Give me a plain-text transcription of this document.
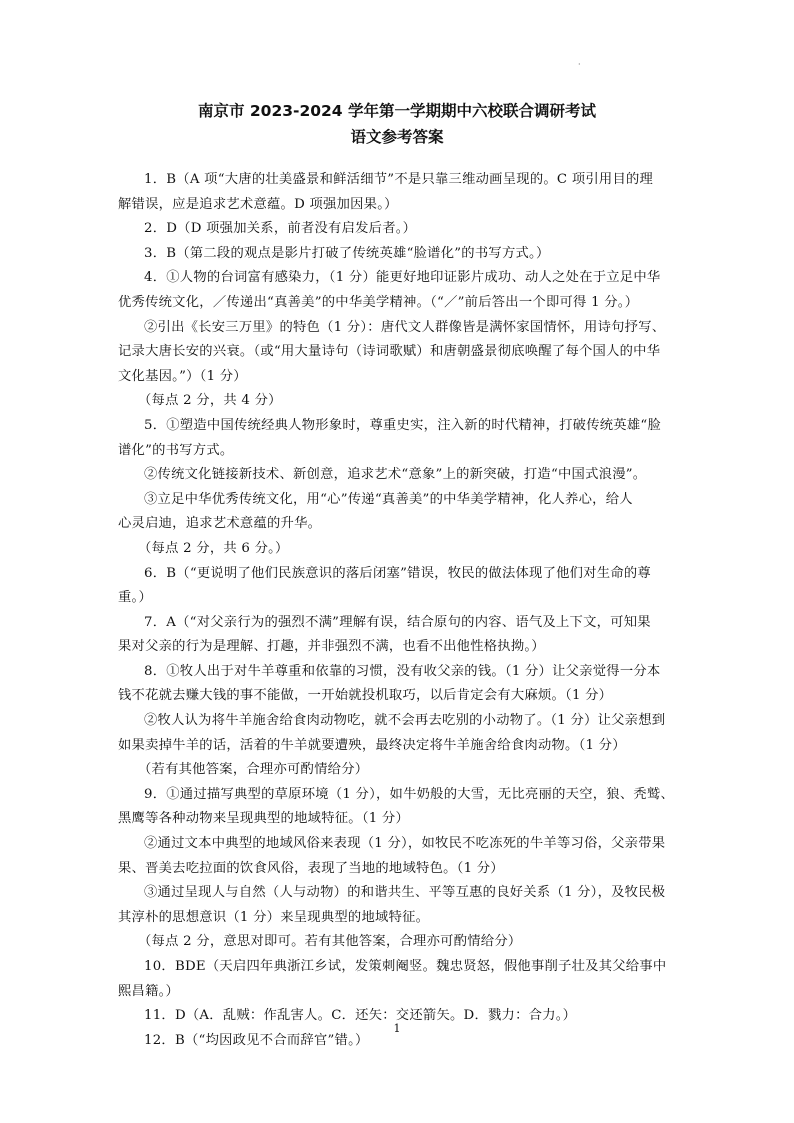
·
南京市 2023-2024 学年第一学期期中六校联合调研考试
语文参考答案

1．B（A 项“大唐的壮美盛景和鲜活细节”不是只靠三维动画呈现的。C 项引用目的理

解错误，应是追求艺术意蕴。D 项强加因果。）

2．D（D 项强加关系，前者没有启发后者。）

3．B（第二段的观点是影片打破了传统英雄“脸谱化”的书写方式。）

4．①人物的台词富有感染力，（1 分）能更好地印证影片成功、动人之处在于立足中华

优秀传统文化，／传递出“真善美”的中华美学精神。（“／”前后答出一个即可得 1 分。）

②引出《长安三万里》的特色（1 分）：唐代文人群像皆是满怀家国情怀，用诗句抒写、

记录大唐长安的兴衰。（或“用大量诗句（诗词歌赋）和唐朝盛景彻底唤醒了每个国人的中华

文化基因。”）（1 分）

（每点 2 分，共 4 分）

5．①塑造中国传统经典人物形象时，尊重史实，注入新的时代精神，打破传统英雄“脸

谱化”的书写方式。

②传统文化链接新技术、新创意，追求艺术“意象”上的新突破，打造“中国式浪漫”。

③立足中华优秀传统文化，用“心”传递“真善美”的中华美学精神，化人养心，给人

心灵启迪，追求艺术意蕴的升华。

（每点 2 分，共 6 分。）

6．B（“更说明了他们民族意识的落后闭塞”错误，牧民的做法体现了他们对生命的尊

重。）

7．A（“对父亲行为的强烈不满”理解有误，结合原句的内容、语气及上下文，可知果

果对父亲的行为是理解、打趣，并非强烈不满，也看不出他性格执拗。）

8．①牧人出于对牛羊尊重和依靠的习惯，没有收父亲的钱。（1 分）让父亲觉得一分本

钱不花就去赚大钱的事不能做，一开始就投机取巧，以后肯定会有大麻烦。（1 分）

②牧人认为将牛羊施舍给食肉动物吃，就不会再去吃别的小动物了。（1 分）让父亲想到

如果卖掉牛羊的话，活着的牛羊就要遭殃，最终决定将牛羊施舍给食肉动物。（1 分）

（若有其他答案，合理亦可酌情给分）

9．①通过描写典型的草原环境（1 分），如牛奶般的大雪，无比亮丽的天空，狼、秃鹫、

黑鹰等各种动物来呈现典型的地域特征。（1 分）

②通过文本中典型的地域风俗来表现（1 分），如牧民不吃冻死的牛羊等习俗，父亲带果

果、晋美去吃拉面的饮食风俗，表现了当地的地域特色。（1 分）

③通过呈现人与自然（人与动物）的和谐共生、平等互惠的良好关系（1 分），及牧民极

其淳朴的思想意识（1 分）来呈现典型的地域特征。

（每点 2 分，意思对即可。若有其他答案，合理亦可酌情给分）

10．BDE（天启四年典浙江乡试，发策刺阉竖。魏忠贤怒，假他事削子壮及其父给事中

熙昌籍。）

11．D（A．乱贼：作乱害人。C．还矢：交还箭矢。D．戮力：合力。）

12．B（“均因政见不合而辞官”错。）

1
